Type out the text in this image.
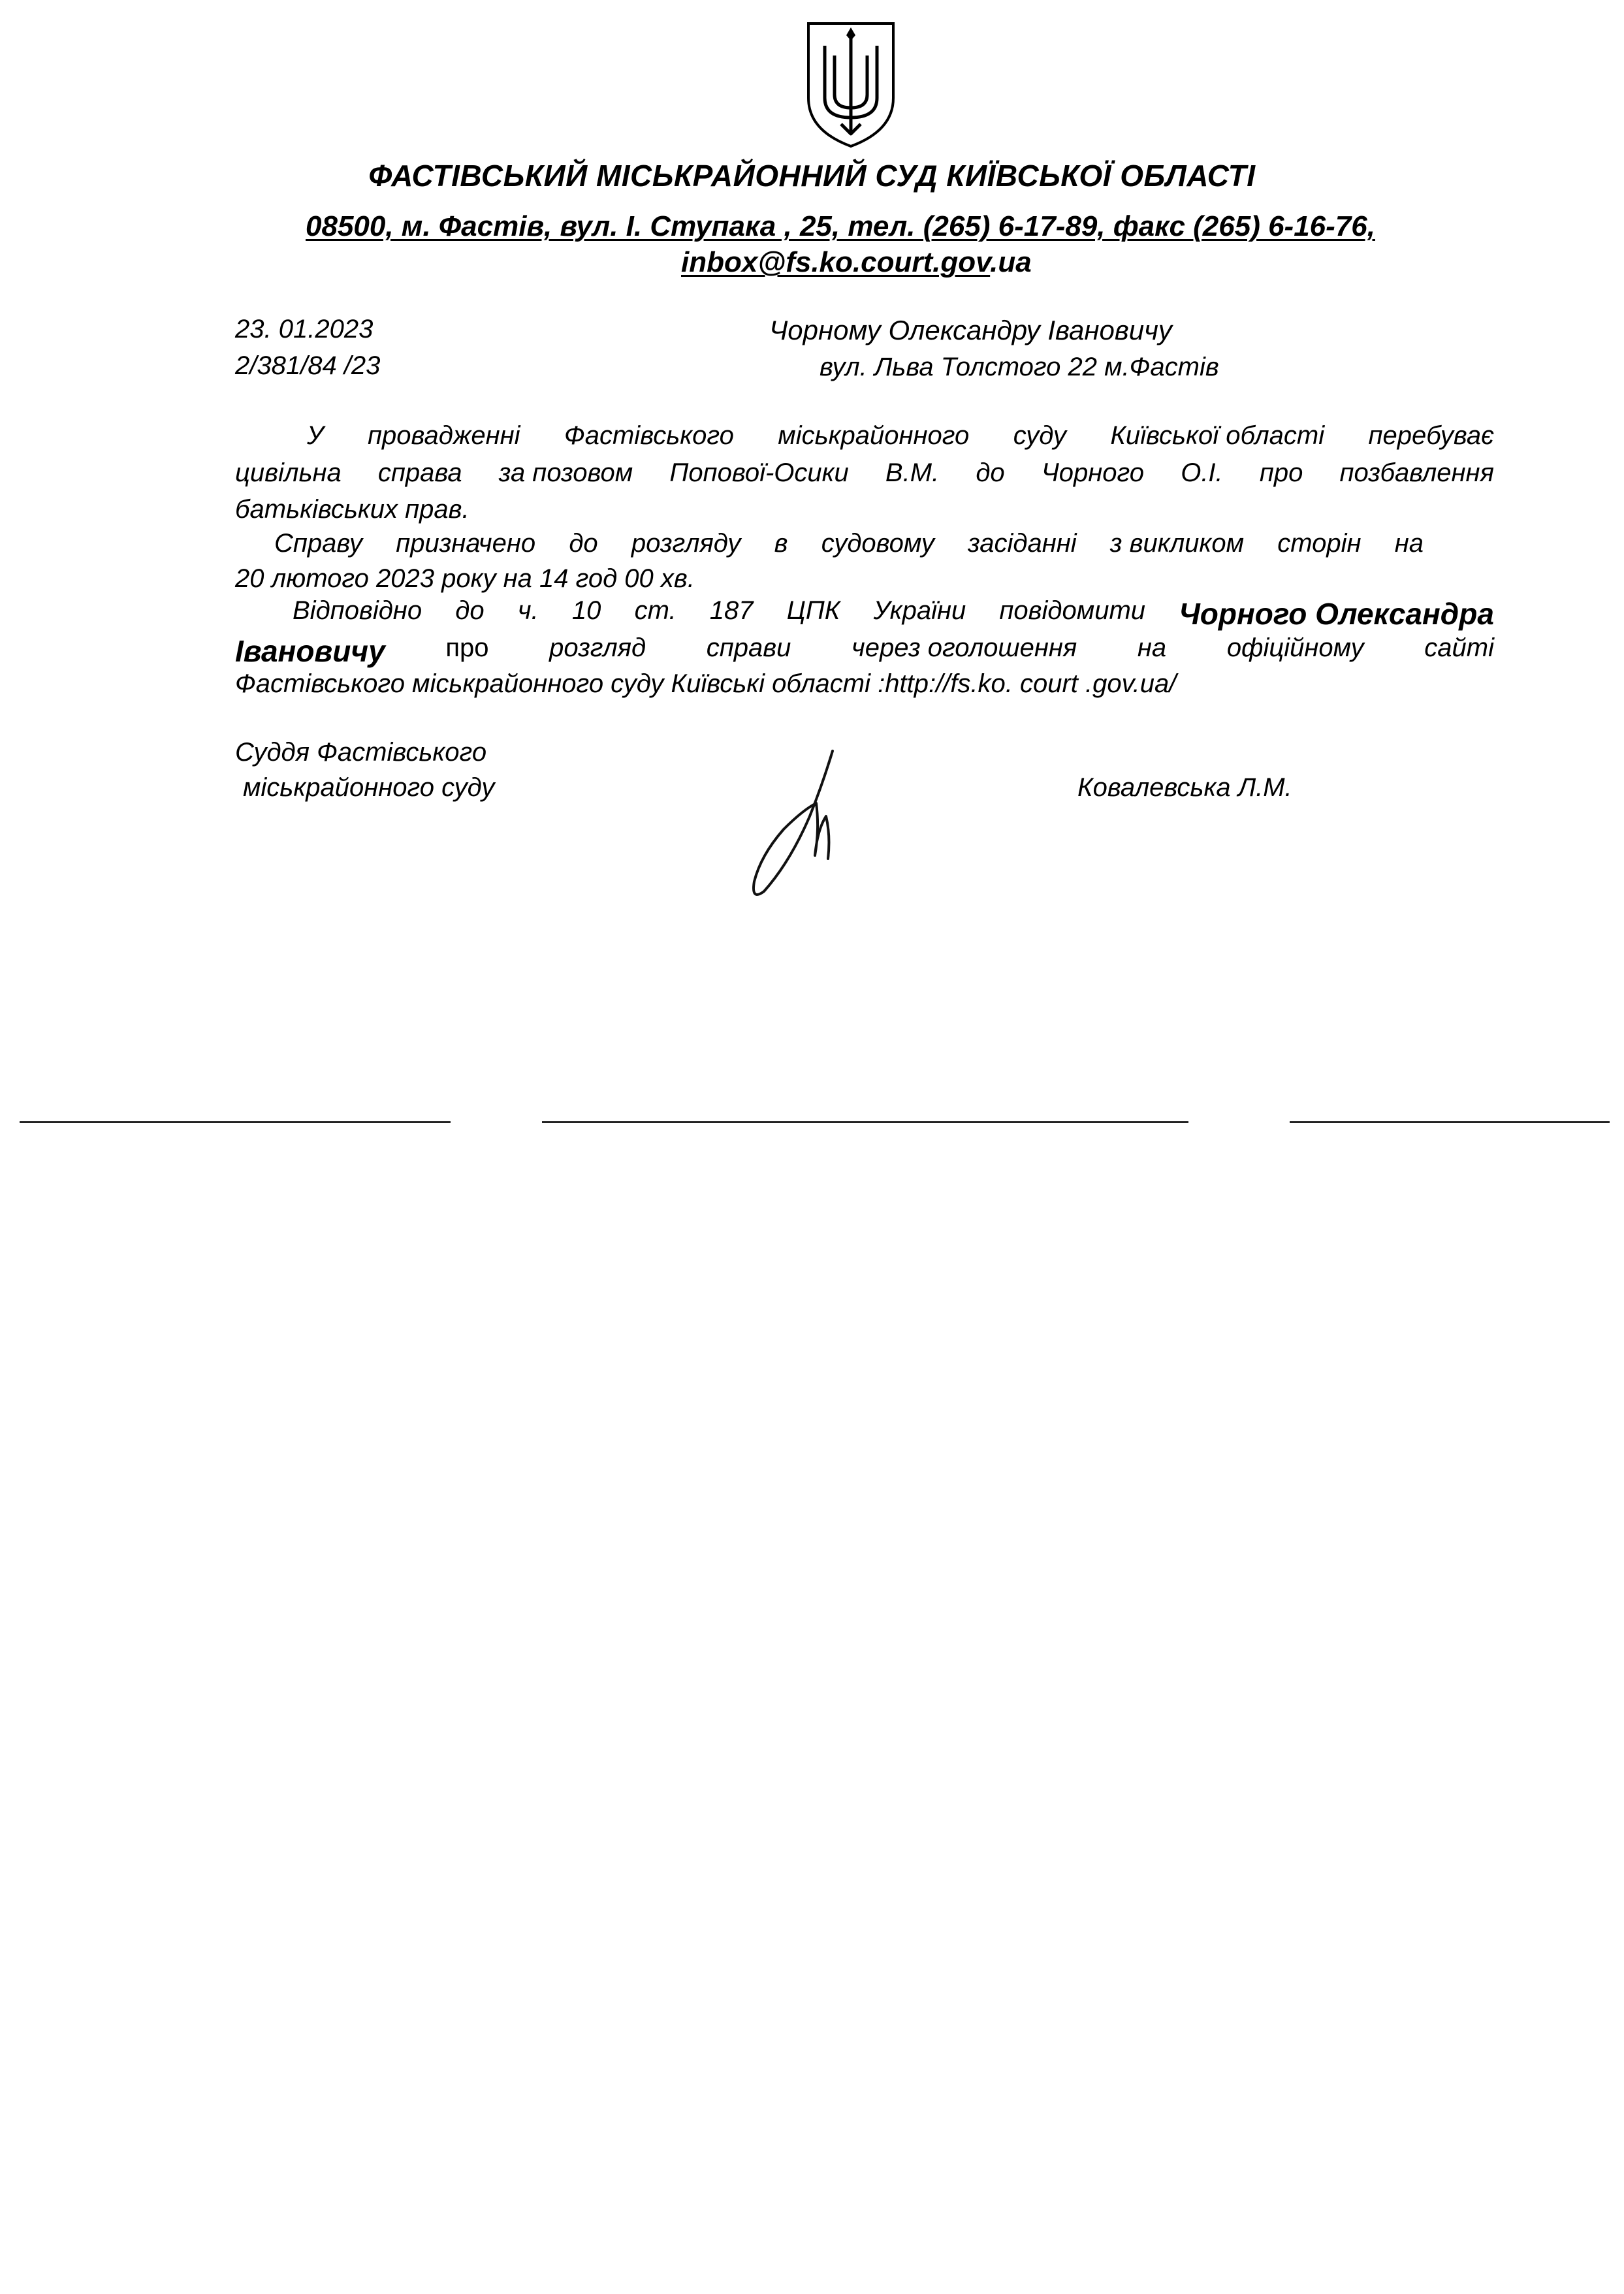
ФАСТІВСЬКИЙ МІСЬКРАЙОННИЙ СУД КИЇВСЬКОЇ ОБЛАСТІ
08500, м. Фастів, вул. І. Ступака , 25, тел. (265) 6-17-89, факс (265) 6-16-76,
inbox@fs.ko.court.gov.ua
23. 01.2023
2/381/84 /23
Чорному Олександру Івановичу
вул. Льва Толстого 22 м.Фастів
У провадженні Фастівського міськрайонного суду Київської області перебуває
цивільна справа за позовом Попової-Осики В.М. до Чорного О.І. про позбавлення
батьківських прав.
Справу призначено до розгляду в судовому засіданні з викликом сторін на
20 лютого 2023 року на 14 год 00 хв.
Відповідно до ч. 10 ст. 187 ЦПК України повідомити Чорного Олександра
Івановичу про розгляд справи через оголошення на офіційному сайті
Фастівського міськрайонного суду Київські області :http://fs.ko. court .gov.ua/
Суддя Фастівського
міськрайонного суду	Ковалевська Л.М.
